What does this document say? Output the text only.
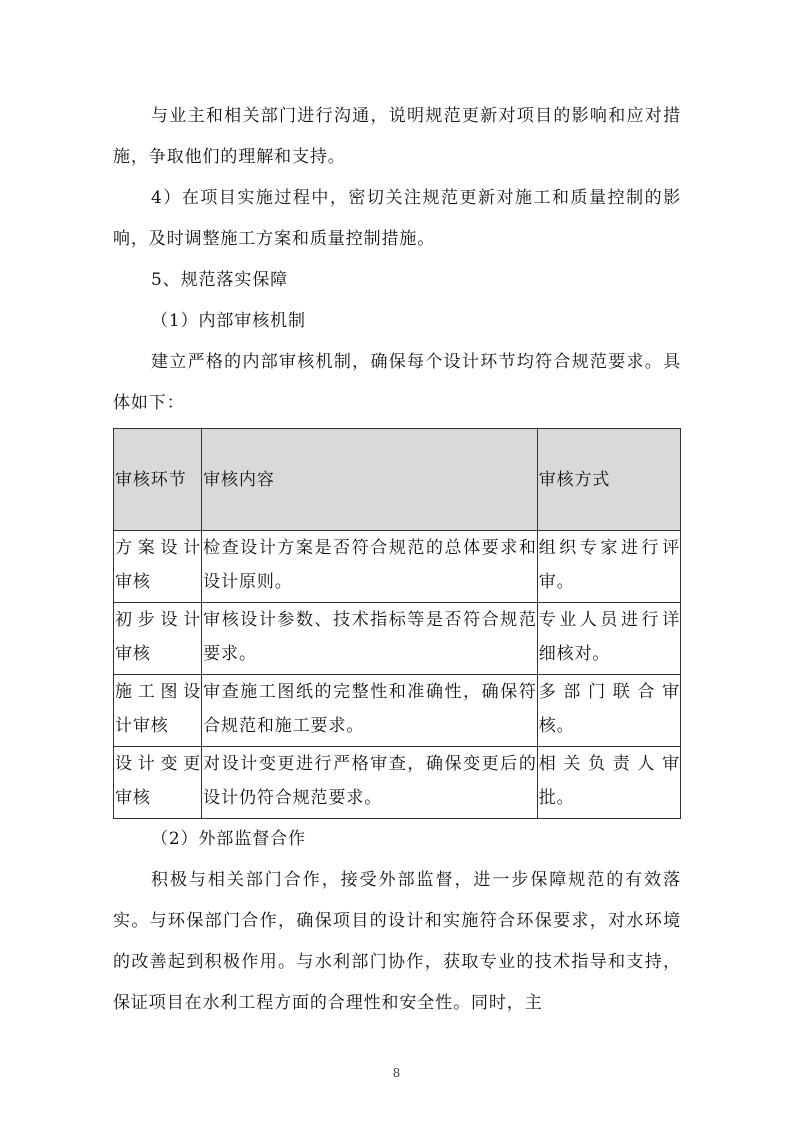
与业主和相关部门进行沟通，说明规范更新对项目的影响和应对措施，争取他们的理解和支持。

4）在项目实施过程中，密切关注规范更新对施工和质量控制的影响，及时调整施工方案和质量控制措施。

5、规范落实保障

（1）内部审核机制

建立严格的内部审核机制，确保每个设计环节均符合规范要求。具体如下：

审核环节	审核内容	审核方式
方案设计审核	检查设计方案是否符合规范的总体要求和设计原则。	组织专家进行评审。
初步设计审核	审核设计参数、技术指标等是否符合规范要求。	专业人员进行详细核对。
施工图设计审核	审查施工图纸的完整性和准确性，确保符合规范和施工要求。	多部门联合审核。
设计变更审核	对设计变更进行严格审查，确保变更后的设计仍符合规范要求。	相关负责人审批。

（2）外部监督合作

积极与相关部门合作，接受外部监督，进一步保障规范的有效落实。与环保部门合作，确保项目的设计和实施符合环保要求，对水环境的改善起到积极作用。与水利部门协作，获取专业的技术指导和支持，保证项目在水利工程方面的合理性和安全性。同时，主

8
